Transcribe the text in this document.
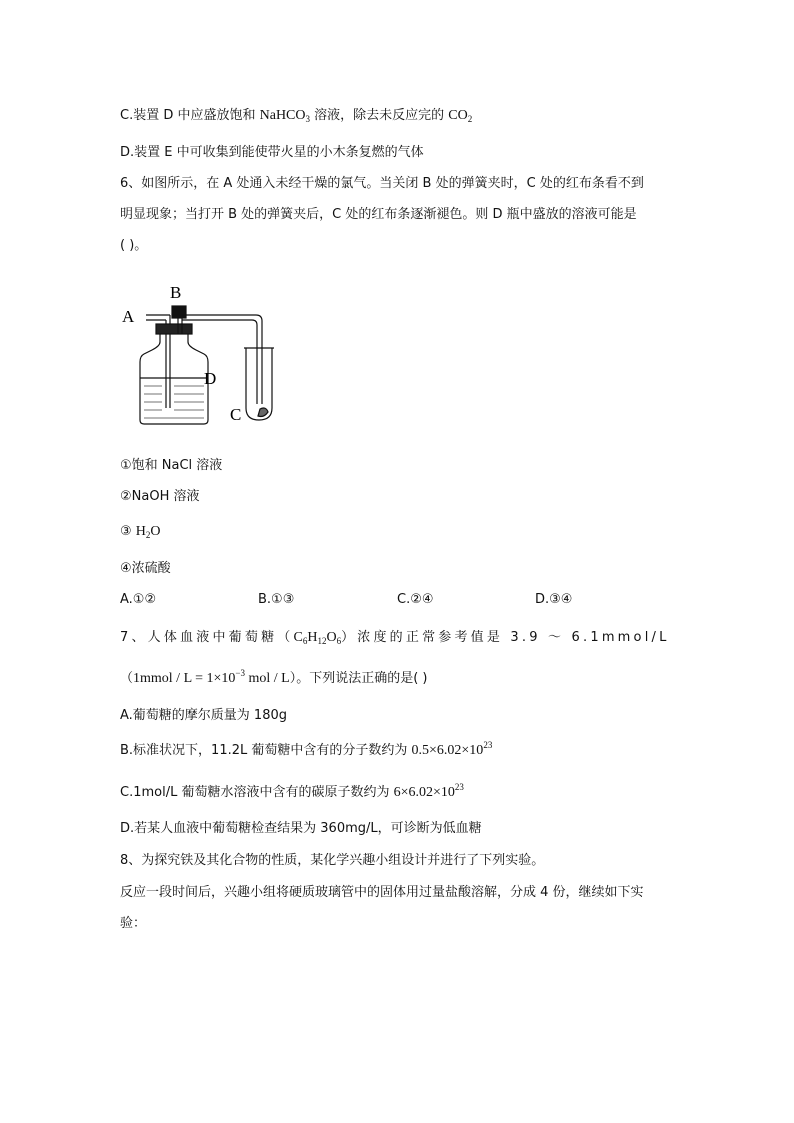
C.装置 D 中应盛放饱和 NaHCO$_3$ 溶液，除去未反应完的 $CO_2$
D.装置 E 中可收集到能使带火星的小木条复燃的气体
6、如图所示，在 A 处通入未经干燥的氯气。当关闭 B 处的弹簧夹时，C 处的红布条看不到
明显现象；当打开 B 处的弹簧夹后，C 处的红布条逐渐褪色。则 D 瓶中盛放的溶液可能是
( )。
A
B
C
D
①饱和 NaCl 溶液
②NaOH 溶液
③ $H_2O$
④浓硫酸
A.①②	B.①③	C.②④	D.③④
7、人体血液中葡萄糖$(C_6H_{12}O_6)$浓度的正常参考值是 3.9 ～ 6.1mmol/L
（1mmol / $L = 1\times 10^{-3}$ mol / L）。下列说法正确的是( )
A.葡萄糖的摩尔质量为 180g
B.标准状况下，11.2L 葡萄糖中含有的分子数约为 $0.5\times 6.02\times 10^{23}$
C.1mol/L 葡萄糖水溶液中含有的碳原子数约为 $6\times 6.02\times 10^{23}$
D.若某人血液中葡萄糖检查结果为 360mg/L，可诊断为低血糖
8、为探究铁及其化合物的性质，某化学兴趣小组设计并进行了下列实验。
反应一段时间后，兴趣小组将硬质玻璃管中的固体用过量盐酸溶解，分成 4 份，继续如下实
验：
